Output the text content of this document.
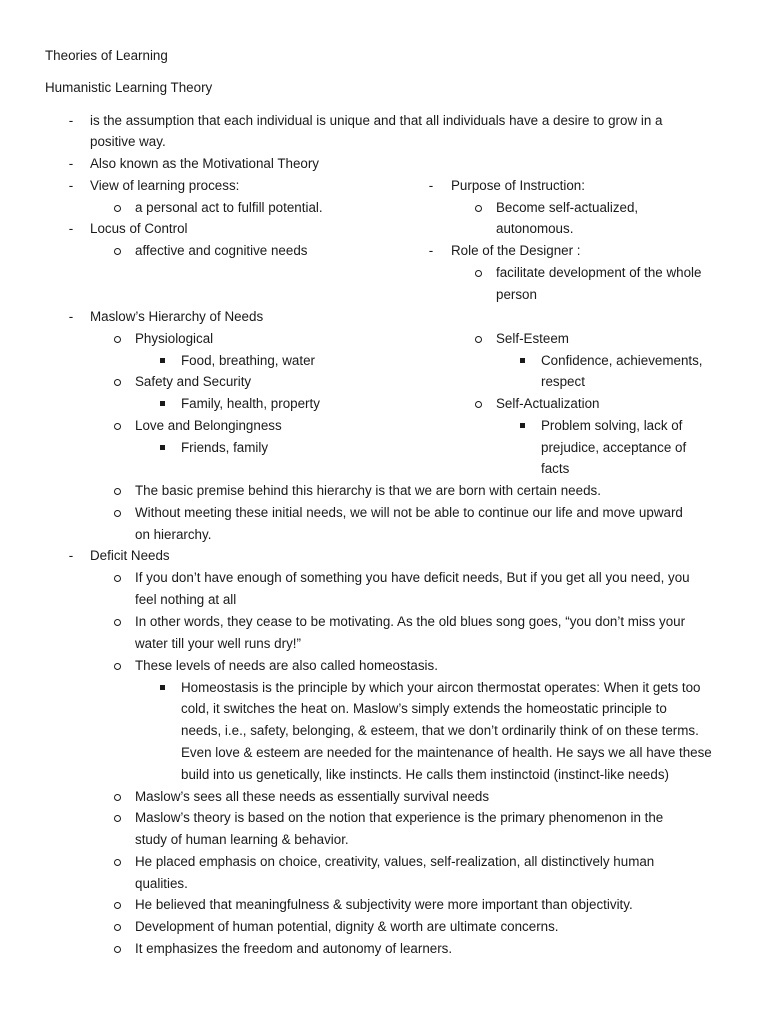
Theories of Learning
Humanistic Learning Theory
- is the assumption that each individual is unique and that all individuals have a desire to grow in a
positive way.
- Also known as the Motivational Theory
- View of learning process:
a personal act to fulfill potential.
- Locus of Control
affective and cognitive needs
- Purpose of Instruction:
Become self-actualized,
autonomous.
- Role of the Designer :
facilitate development of the whole
person
- Maslow’s Hierarchy of Needs
Physiological
Food, breathing, water
Safety and Security
Family, health, property
Love and Belongingness
Friends, family
Self-Esteem
Confidence, achievements,
respect
Self-Actualization
Problem solving, lack of
prejudice, acceptance of
facts
The basic premise behind this hierarchy is that we are born with certain needs.
Without meeting these initial needs, we will not be able to continue our life and move upward
on hierarchy.
- Deficit Needs
If you don’t have enough of something you have deficit needs, But if you get all you need, you
feel nothing at all
In other words, they cease to be motivating. As the old blues song goes, “you don’t miss your
water till your well runs dry!”
These levels of needs are also called homeostasis.
Homeostasis is the principle by which your aircon thermostat operates: When it gets too
cold, it switches the heat on. Maslow’s simply extends the homeostatic principle to
needs, i.e., safety, belonging, & esteem, that we don’t ordinarily think of on these terms.
Even love & esteem are needed for the maintenance of health. He says we all have these
build into us genetically, like instincts. He calls them instinctoid (instinct-like needs)
Maslow’s sees all these needs as essentially survival needs
Maslow’s theory is based on the notion that experience is the primary phenomenon in the
study of human learning & behavior.
He placed emphasis on choice, creativity, values, self-realization, all distinctively human
qualities.
He believed that meaningfulness & subjectivity were more important than objectivity.
Development of human potential, dignity & worth are ultimate concerns.
It emphasizes the freedom and autonomy of learners.
